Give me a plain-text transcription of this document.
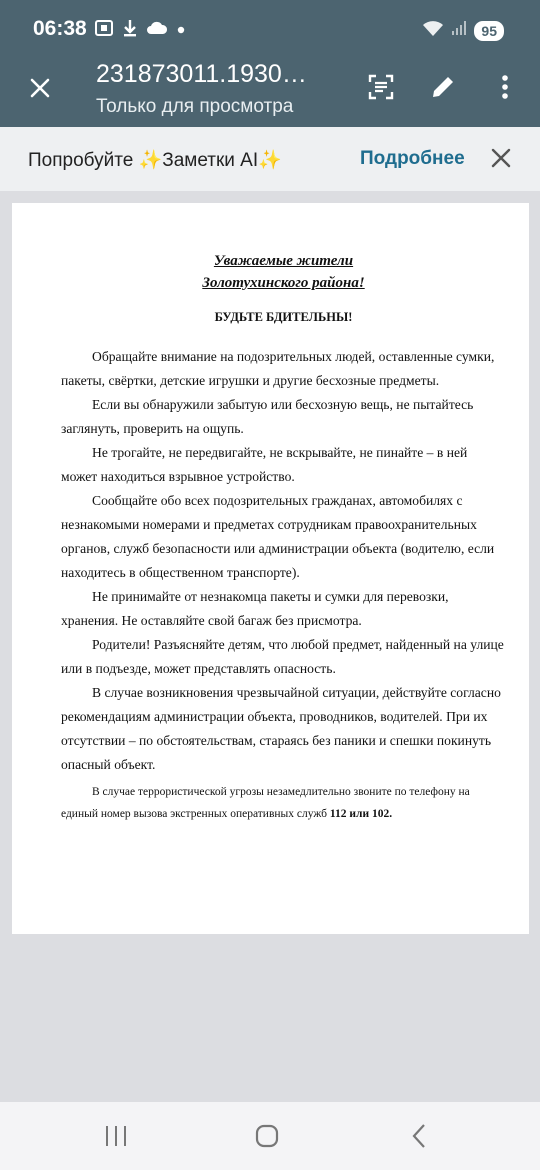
06:38	95
231873011.1930…
Только для просмотра
Попробуйте ✨Заметки AI✨	Подробнее
Уважаемые жители
Золотухинского района!
БУДЬТЕ БДИТЕЛЬНЫ!

Обращайте внимание на подозрительных людей, оставленные сумки, пакеты, свёртки, детские игрушки и другие бесхозные предметы.

Если вы обнаружили забытую или бесхозную вещь, не пытайтесь заглянуть, проверить на ощупь.

Не трогайте, не передвигайте, не вскрывайте, не пинайте – в ней может находиться взрывное устройство.

Сообщайте обо всех подозрительных гражданах, автомобилях с незнакомыми номерами и предметах сотрудникам правоохранительных органов, служб безопасности или администрации объекта (водителю, если находитесь в общественном транспорте).

Не принимайте от незнакомца пакеты и сумки для перевозки, хранения. Не оставляйте свой багаж без присмотра.

Родители! Разъясняйте детям, что любой предмет, найденный на улице или в подъезде, может представлять опасность.

В случае возникновения чрезвычайной ситуации, действуйте согласно рекомендациям администрации объекта, проводников, водителей. При их отсутствии – по обстоятельствам, стараясь без паники и спешки покинуть опасный объект.

В случае террористической угрозы незамедлительно звоните по телефону на единый номер вызова экстренных оперативных служб 112 или 102.
